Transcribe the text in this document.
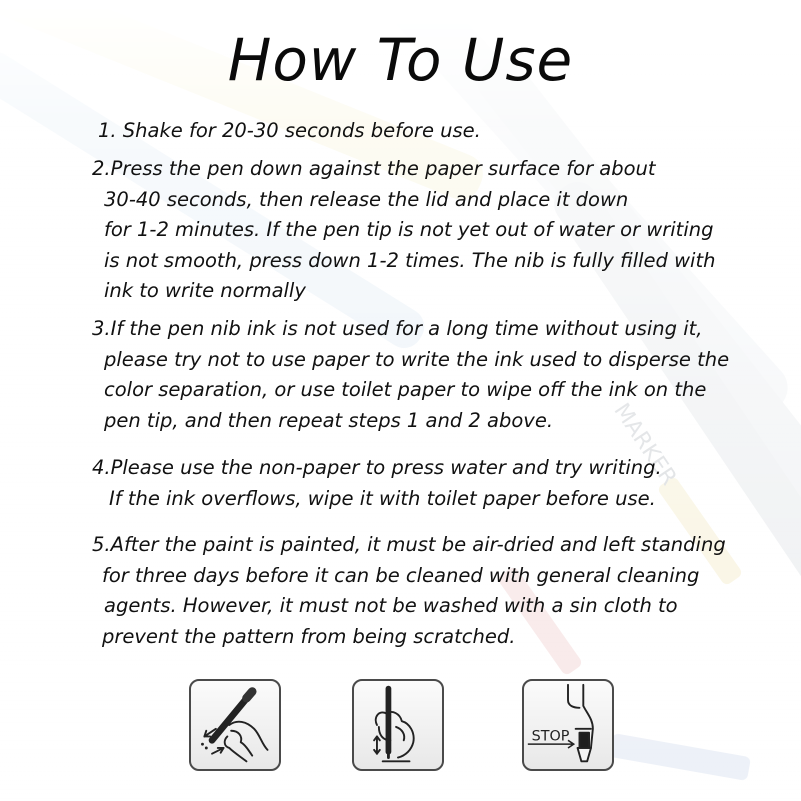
How To Use
1. Shake for 20-30 seconds before use.
2.Press the pen down against the paper surface for about
30-40 seconds, then release the lid and place it down
for 1-2 minutes. If the pen tip is not yet out of water or writing
is not smooth, press down 1-2 times. The nib is fully filled with
ink to write normally
3.If the pen nib ink is not used for a long time without using it,
please try not to use paper to write the ink used to disperse the
color separation, or use toilet paper to wipe off the ink on the
pen tip, and then repeat steps 1 and 2 above.
4.Please use the non-paper to press water and try writing.
If the ink overflows, wipe it with toilet paper before use.
5.After the paint is painted, it must be air-dried and left standing
for three days before it can be cleaned with general cleaning
agents. However, it must not be washed with a sin cloth to
prevent the pattern from being scratched.
STOP
